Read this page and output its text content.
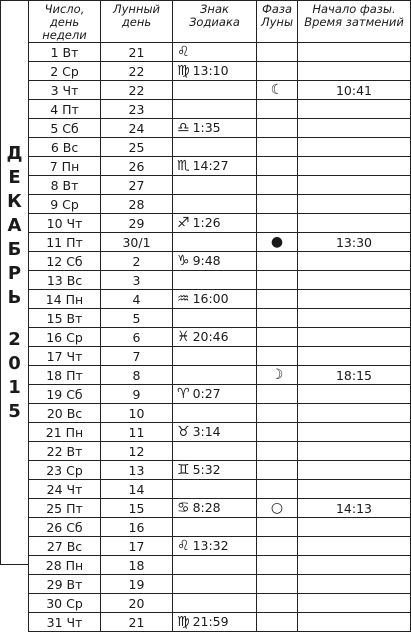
Д
Е
К
А
Б
Р
Ь
2
0
1
5
Число, день недели	Лунный день	Знак Зодиака	Фаза Луны	Начало фазы. Время затмений
1 Вт	21	♌		
2 Ср	22	♍ 13:10		
3 Чт	22		☾	10:41
4 Пт	23			
5 Сб	24	♎ 1:35		
6 Вс	25			
7 Пн	26	♏ 14:27		
8 Вт	27			
9 Ср	28			
10 Чт	29	♐ 1:26		
11 Пт	30/1		●	13:30
12 Сб	2	♑ 9:48		
13 Вс	3			
14 Пн	4	♒ 16:00		
15 Вт	5			
16 Ср	6	♓ 20:46		
17 Чт	7			
18 Пт	8		☽	18:15
19 Сб	9	♈ 0:27		
20 Вс	10			
21 Пн	11	♉ 3:14		
22 Вт	12			
23 Ср	13	♊ 5:32		
24 Чт	14			
25 Пт	15	♋ 8:28	○	14:13
26 Сб	16			
27 Вс	17	♌ 13:32		
28 Пн	18			
29 Вт	19			
30 Ср	20			
31 Чт	21	♍ 21:59		
